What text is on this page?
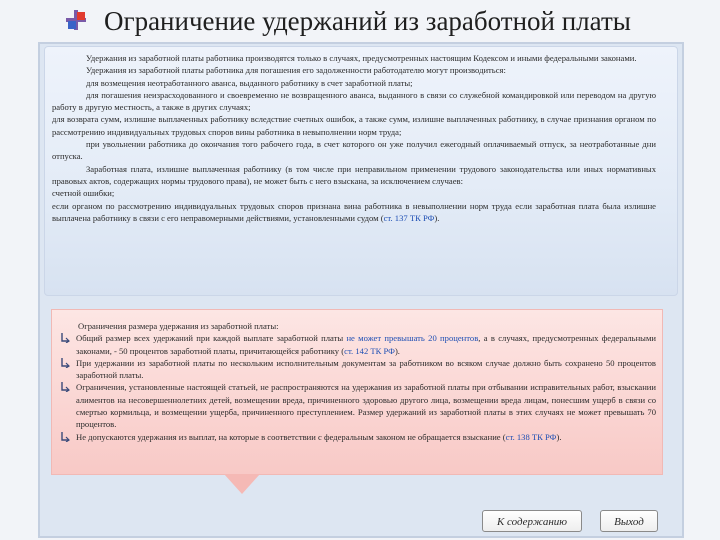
Ограничение удержаний из заработной платы

Удержания из заработной платы работника производятся только в случаях, предусмотренных настоящим Кодексом и иными федеральными законами.

Удержания из заработной платы работника для погашения его задолженности работодателю могут производиться:

для возмещения неотработанного аванса, выданного работнику в счет заработной платы;

для погашения неизрасходованного и своевременно не возвращенного аванса, выданного в связи со служебной командировкой или переводом на другую работу в другую местность, а также в других случаях;

для возврата сумм, излишне выплаченных работнику вследствие счетных ошибок, а также сумм, излишне выплаченных работнику, в случае признания органом по рассмотрению индивидуальных трудовых споров вины работника в невыполнении норм труда;

при увольнении работника до окончания того рабочего года, в счет которого он уже получил ежегодный оплачиваемый отпуск, за неотработанные дни отпуска.

Заработная плата, излишне выплаченная работнику (в том числе при неправильном применении трудового законодательства или иных нормативных правовых актов, содержащих нормы трудового права), не может быть с него взыскана, за исключением случаев:

счетной ошибки;

если органом по рассмотрению индивидуальных трудовых споров признана вина работника в невыполнении норм труда если заработная плата была излишне выплачена работнику в связи с его неправомерными действиями, установленными судом (ст. 137 ТК РФ).

Ограничения размера удержания из заработной платы:
Общий размер всех удержаний при каждой выплате заработной платы не может превышать 20 процентов, а в случаях, предусмотренных федеральными законами, - 50 процентов заработной платы, причитающейся работнику (ст. 142 ТК РФ).
При удержании из заработной платы по нескольким исполнительным документам за работником во всяком случае должно быть сохранено 50 процентов заработной платы.
Ограничения, установленные настоящей статьей, не распространяются на удержания из заработной платы при отбывании исправительных работ, взыскании алиментов на несовершеннолетних детей, возмещении вреда, причиненного здоровью другого лица, возмещении вреда лицам, понесшим ущерб в связи со смертью кормильца, и возмещении ущерба, причиненного преступлением. Размер удержаний из заработной платы в этих случаях не может превышать 70 процентов.
Не допускаются удержания из выплат, на которые в соответствии с федеральным законом не обращается взыскание (ст. 138 ТК РФ).
К содержанию	Выход
